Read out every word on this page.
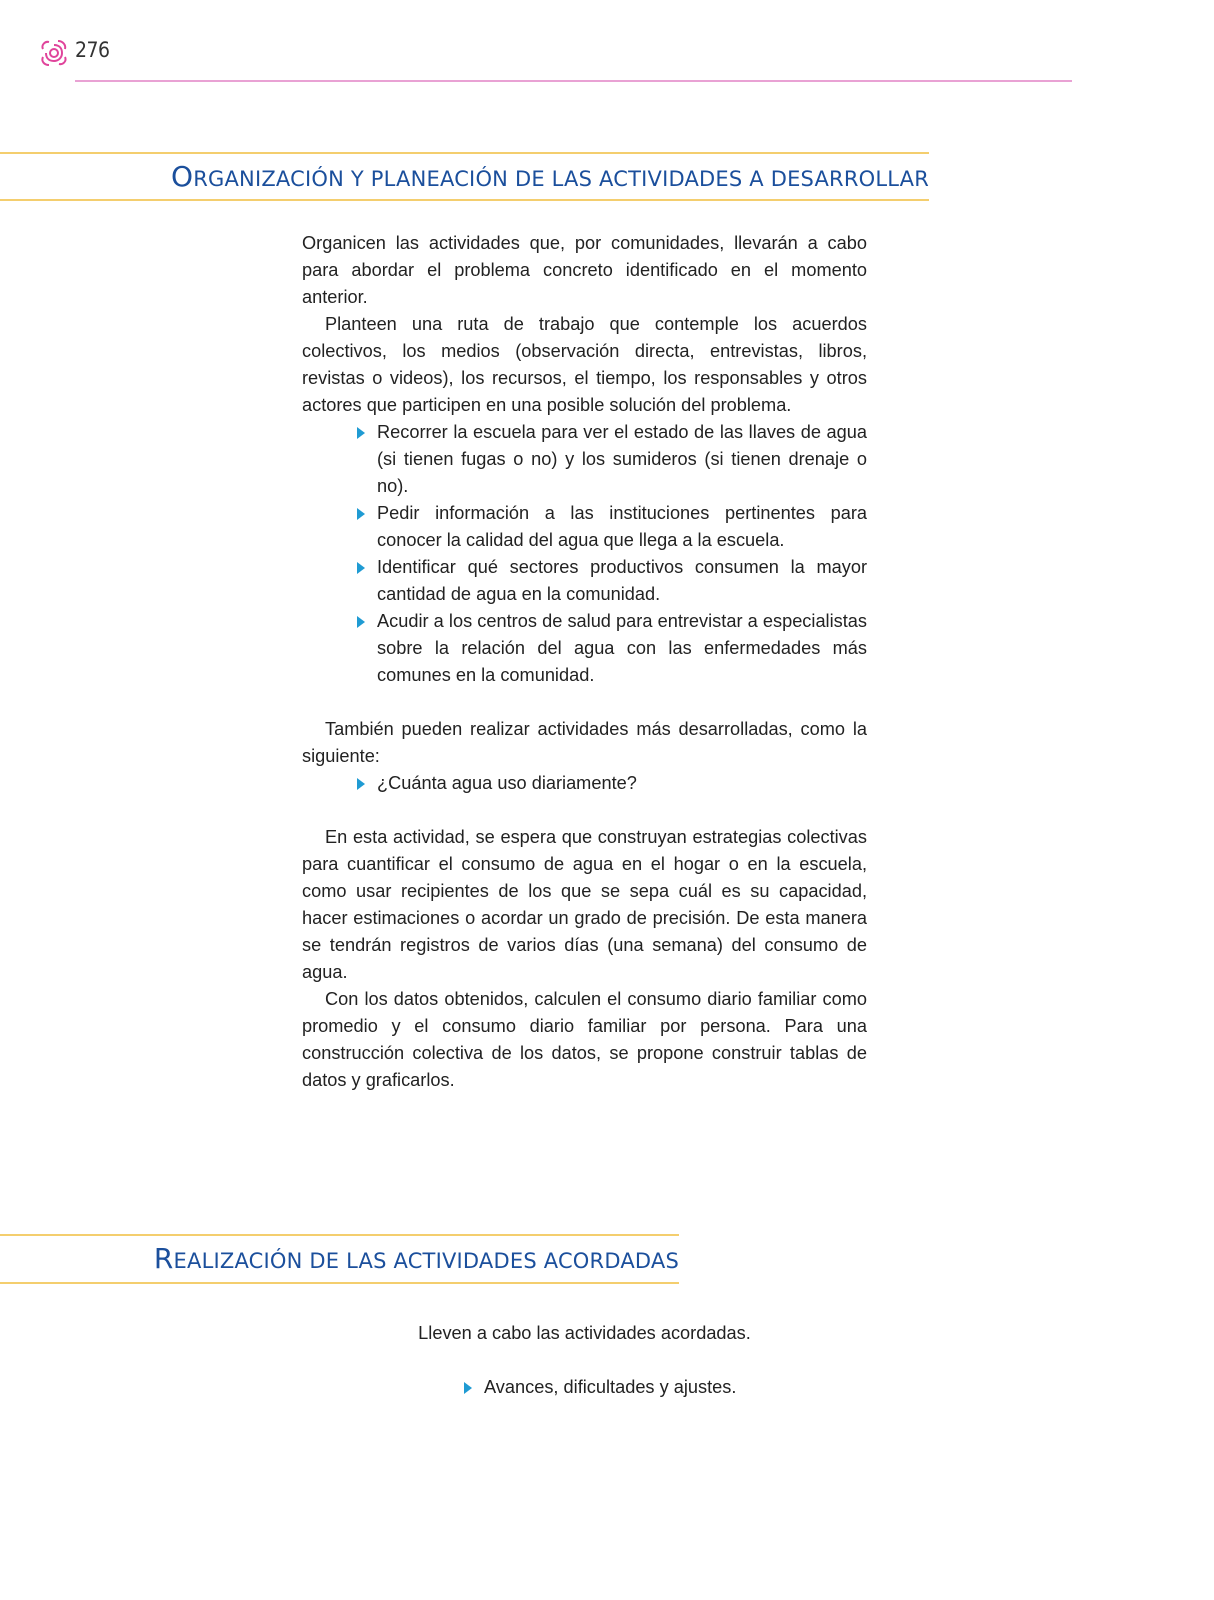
276
ORGANIZACIÓN Y PLANEACIÓN DE LAS ACTIVIDADES A DESARROLLAR

Organicen las actividades que, por comunidades, llevarán a cabo para abordar el problema concreto identificado en el momento anterior.

Planteen una ruta de trabajo que contemple los acuerdos colectivos, los medios (observación directa, entrevistas, libros, revistas o videos), los recursos, el tiempo, los responsables y otros actores que participen en una posible solución del problema.

Recorrer la escuela para ver el estado de las llaves de agua (si tienen fugas o no) y los sumideros (si tienen drenaje o no).
Pedir información a las instituciones pertinentes para conocer la calidad del agua que llega a la escuela.
Identificar qué sectores productivos consumen la mayor cantidad de agua en la comunidad.
Acudir a los centros de salud para entrevistar a especialistas sobre la relación del agua con las enfermedades más comunes en la comunidad.

También pueden realizar actividades más desarrolladas, como la siguiente:

¿Cuánta agua uso diariamente?

En esta actividad, se espera que construyan estrategias colectivas para cuantificar el consumo de agua en el hogar o en la escuela, como usar recipientes de los que se sepa cuál es su capacidad, hacer estimaciones o acordar un grado de precisión. De esta manera se tendrán registros de varios días (una semana) del consumo de agua.

Con los datos obtenidos, calculen el consumo diario familiar como promedio y el consumo diario familiar por persona. Para una construcción colectiva de los datos, se propone construir tablas de datos y graficarlos.

REALIZACIÓN DE LAS ACTIVIDADES ACORDADAS

Lleven a cabo las actividades acordadas.

Avances, dificultades y ajustes.
